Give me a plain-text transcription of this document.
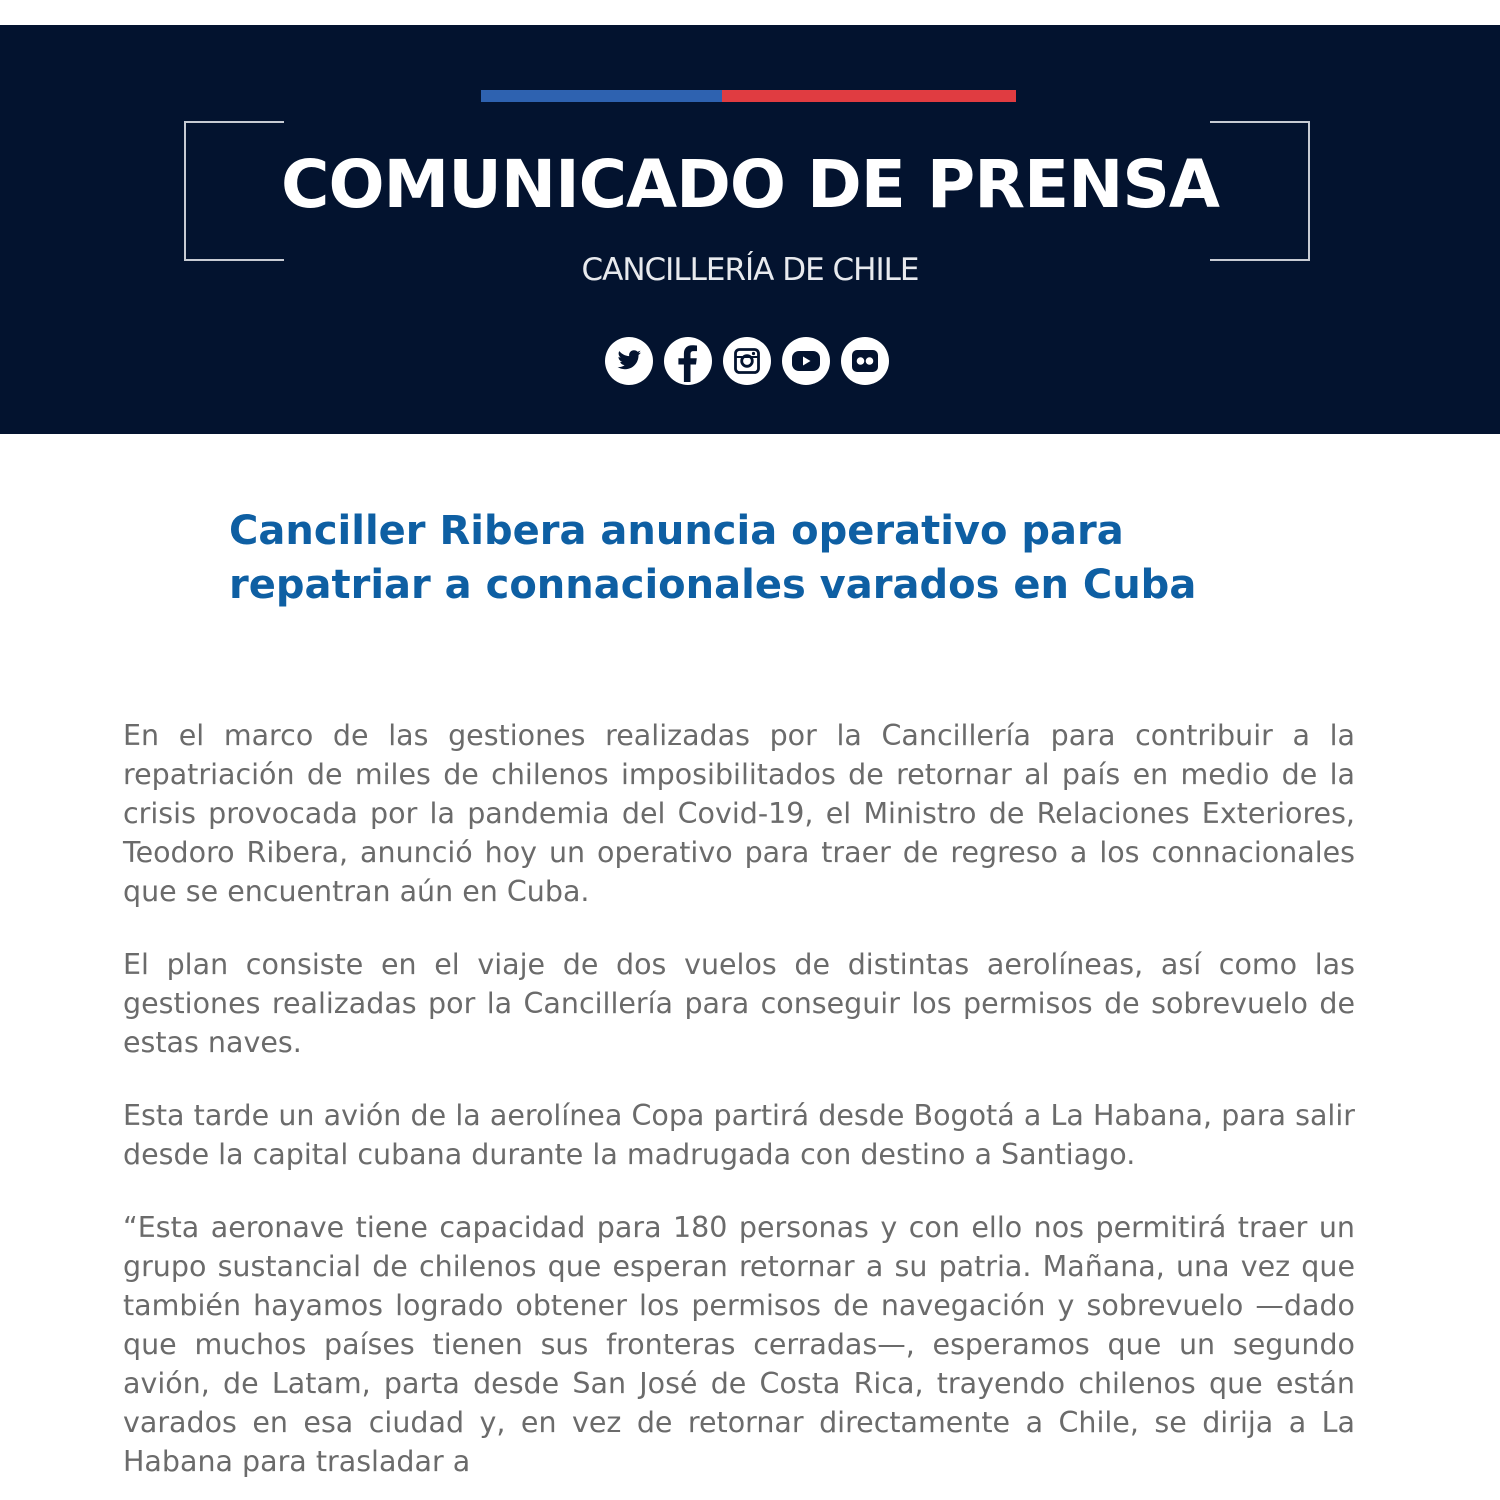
COMUNICADO DE PRENSA
CANCILLERÍA DE CHILE
Canciller Ribera anuncia operativo para
repatriar a connacionales varados en Cuba

En el marco de las gestiones realizadas por la Cancillería para contribuir a la repatriación de miles de chilenos imposibilitados de retornar al país en medio de la crisis provocada por la pandemia del Covid-19, el Ministro de Relaciones Exteriores, Teodoro Ribera, anunció hoy un operativo para traer de regreso a los connacionales que se encuentran aún en Cuba.

El plan consiste en el viaje de dos vuelos de distintas aerolíneas, así como las gestiones realizadas por la Cancillería para conseguir los permisos de sobrevuelo de estas naves.

Esta tarde un avión de la aerolínea Copa partirá desde Bogotá a La Habana, para salir desde la capital cubana durante la madrugada con destino a Santiago.

“Esta aeronave tiene capacidad para 180 personas y con ello nos permitirá traer un grupo sustancial de chilenos que esperan retornar a su patria. Mañana, una vez que también hayamos logrado obtener los permisos de navegación y sobrevuelo —dado que muchos países tienen sus fronteras cerradas—, esperamos que un segundo avión, de Latam, parta desde San José de Costa Rica, trayendo chilenos que están varados en esa ciudad y, en vez de retornar directamente a Chile, se dirija a La Habana para trasladar a
